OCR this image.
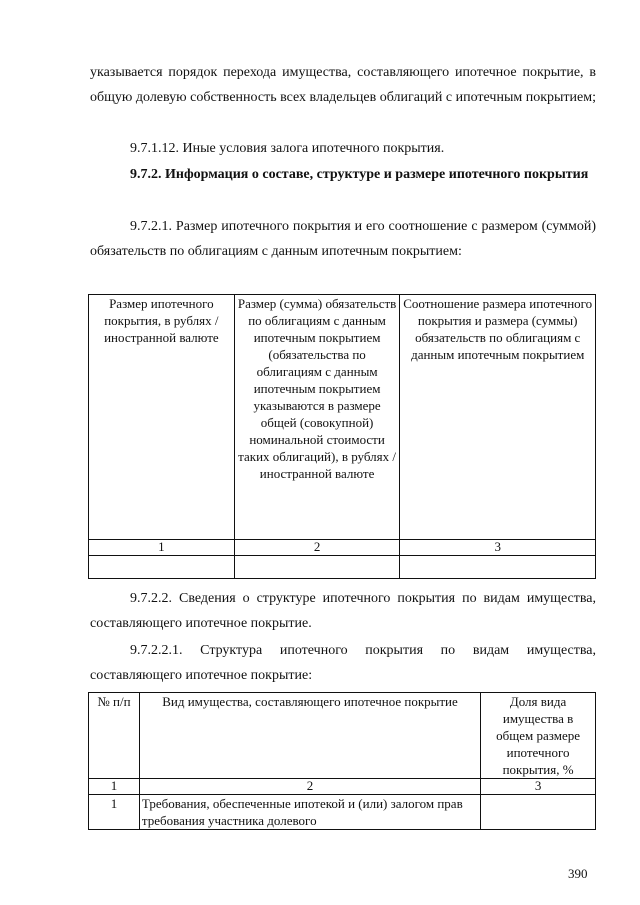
указывается порядок перехода имущества, составляющего ипотечное покрытие, в общую долевую собственность всех владельцев облигаций с ипотечным покрытием;
9.7.1.12. Иные условия залога ипотечного покрытия.
9.7.2. Информация о составе, структуре и размере ипотечного покрытия
9.7.2.1. Размер ипотечного покрытия и его соотношение с размером (суммой) обязательств по облигациям с данным ипотечным покрытием:
Размер ипотечного покрытия, в рублях / иностранной валюте	Размер (сумма) обязательств по облигациям с данным ипотечным покрытием (обязательства по облигациям с данным ипотечным покрытием указываются в размере общей (совокупной) номинальной стоимости таких облигаций), в рублях / иностранной валюте	Соотношение размера ипотечного покрытия и размера (суммы) обязательств по облигациям с данным ипотечным покрытием
1	2	3

9.7.2.2. Сведения о структуре ипотечного покрытия по видам имущества, составляющего ипотечное покрытие.
9.7.2.2.1. Структура ипотечного покрытия по видам имущества, составляющего ипотечное покрытие:
№ п/п	Вид имущества, составляющего ипотечное покрытие	Доля вида имущества в общем размере ипотечного покрытия, %
1	2	3
1	Требования, обеспеченные ипотекой и (или) залогом прав требования участника долевого	
390
